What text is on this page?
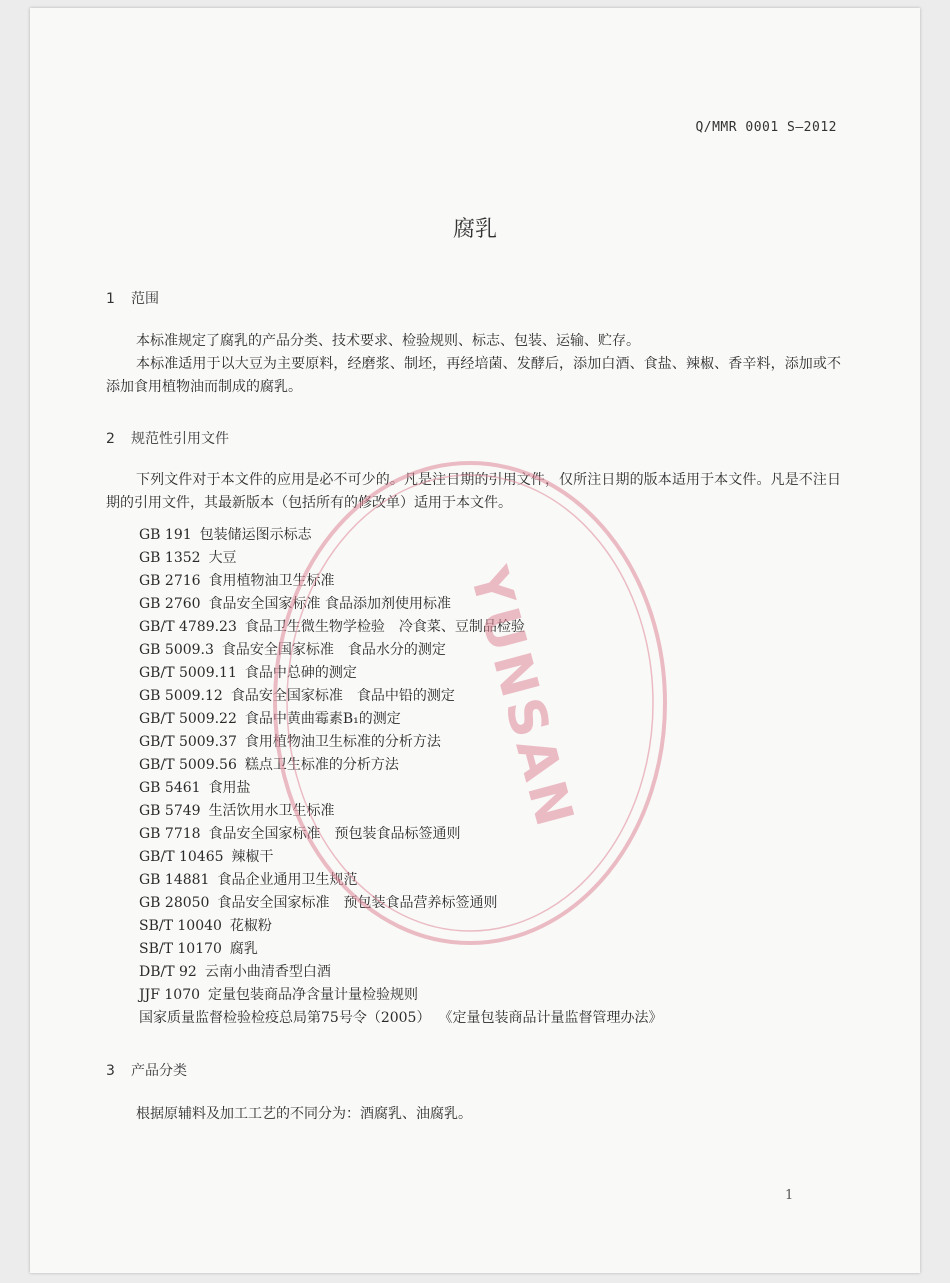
Q/MMR 0001 S—2012
腐乳
1 范围

本标准规定了腐乳的产品分类、技术要求、检验规则、标志、包装、运输、贮存。

本标准适用于以大豆为主要原料，经磨浆、制坯，再经培菌、发酵后，添加白酒、食盐、辣椒、香辛料，添加或不添加食用植物油而制成的腐乳。

2 规范性引用文件

下列文件对于本文件的应用是必不可少的。凡是注日期的引用文件，仅所注日期的版本适用于本文件。凡是不注日期的引用文件，其最新版本（包括所有的修改单）适用于本文件。

GB 191 包装储运图示标志
GB 1352 大豆
GB 2716 食用植物油卫生标准
GB 2760 食品安全国家标准 食品添加剂使用标准
GB/T 4789.23 食品卫生微生物学检验　冷食菜、豆制品检验
GB 5009.3 食品安全国家标准　食品水分的测定
GB/T 5009.11 食品中总砷的测定
GB 5009.12 食品安全国家标准　食品中铅的测定
GB/T 5009.22 食品中黄曲霉素B₁的测定
GB/T 5009.37 食用植物油卫生标准的分析方法
GB/T 5009.56 糕点卫生标准的分析方法
GB 5461 食用盐
GB 5749 生活饮用水卫生标准
GB 7718 食品安全国家标准　预包装食品标签通则
GB/T 10465 辣椒干
GB 14881 食品企业通用卫生规范
GB 28050 食品安全国家标准　预包装食品营养标签通则
SB/T 10040 花椒粉
SB/T 10170 腐乳
DB/T 92 云南小曲清香型白酒
JJF 1070 定量包装商品净含量计量检验规则
国家质量监督检验检疫总局第75号令（2005） 《定量包装商品计量监督管理办法》
3 产品分类

根据原辅料及加工工艺的不同分为：酒腐乳、油腐乳。

1
YUNSAN
